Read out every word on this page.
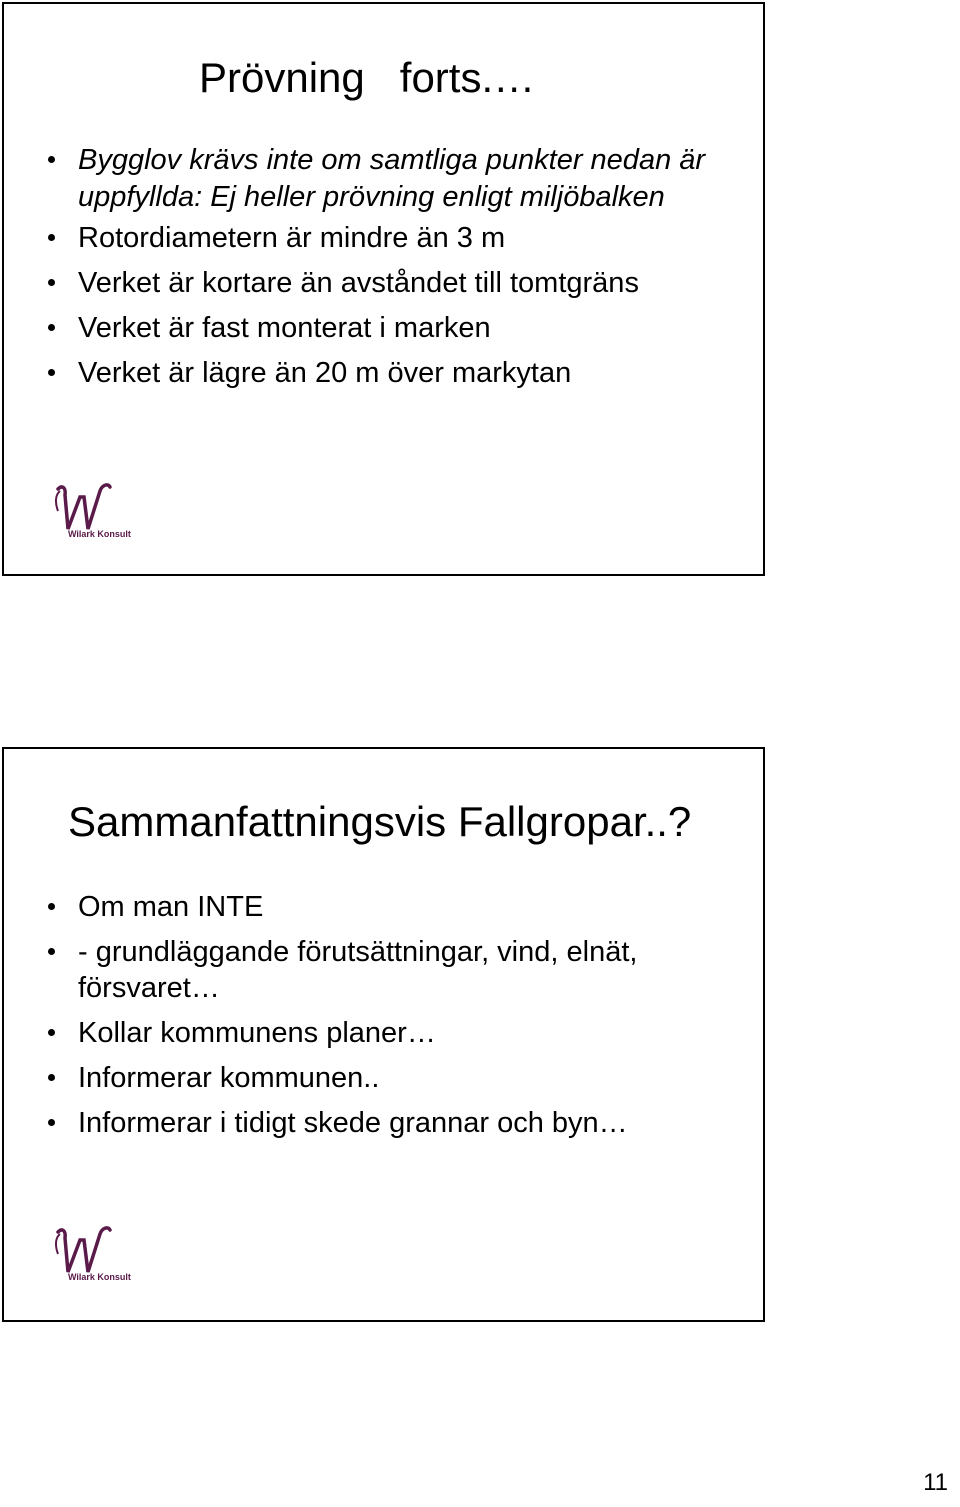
Prövning   forts.…
Bygglov krävs inte om samtliga punkter nedan är uppfyllda: Ej heller prövning enligt miljöbalken
Rotordiametern är mindre än 3 m
Verket är kortare än avståndet till tomtgräns
Verket är fast monterat i marken
Verket är lägre än 20 m över markytan
Wilark Konsult
Sammanfattningsvis Fallgropar..?
Om man INTE
- grundläggande förutsättningar, vind, elnät, försvaret…
Kollar kommunens planer…
Informerar kommunen..
Informerar i tidigt skede grannar och byn…
Wilark Konsult
11
